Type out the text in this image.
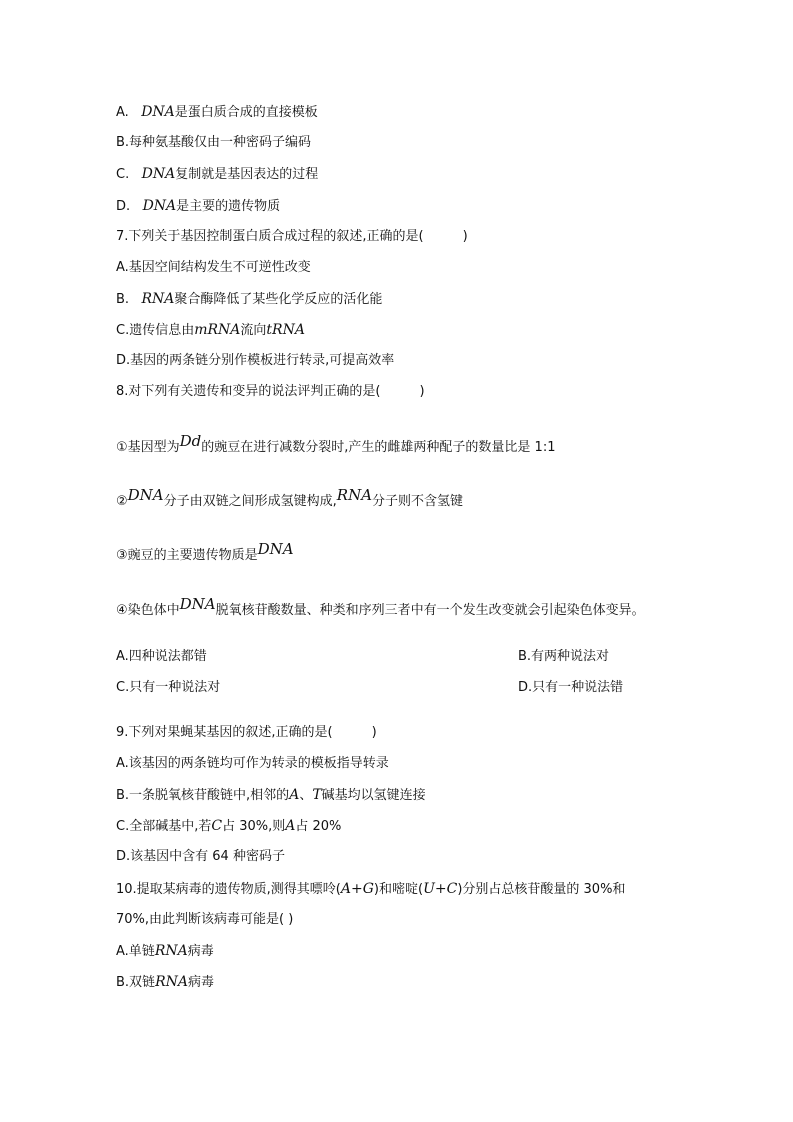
A. DNA是蛋白质合成的直接模板
B.每种氨基酸仅由一种密码子编码
C. DNA复制就是基因表达的过程
D. DNA是主要的遗传物质
7.下列关于基因控制蛋白质合成过程的叙述,正确的是(　　　)
A.基因空间结构发生不可逆性改变
B. RNA聚合酶降低了某些化学反应的活化能
C.遗传信息由mRNA流向tRNA
D.基因的两条链分别作模板进行转录,可提高效率
8.对下列有关遗传和变异的说法评判正确的是(　　　)
①基因型为Dd的豌豆在进行减数分裂时,产生的雌雄两种配子的数量比是 1:1
②DNA分子由双链之间形成氢键构成,RNA分子则不含氢键
③豌豆的主要遗传物质是DNA
④染色体中DNA脱氧核苷酸数量、种类和序列三者中有一个发生改变就会引起染色体变异。
A.四种说法都错	B.有两种说法对
C.只有一种说法对	D.只有一种说法错
9.下列对果蝇某基因的叙述,正确的是(　　　)
A.该基因的两条链均可作为转录的模板指导转录
B.一条脱氧核苷酸链中,相邻的A、T碱基均以氢键连接
C.全部碱基中,若C占 30%,则A占 20%
D.该基因中含有 64 种密码子
10.提取某病毒的遗传物质,测得其嘌呤(A+G)和嘧啶(U+C)分别占总核苷酸量的 30%和
70%,由此判断该病毒可能是( )
A.单链RNA病毒
B.双链RNA病毒
